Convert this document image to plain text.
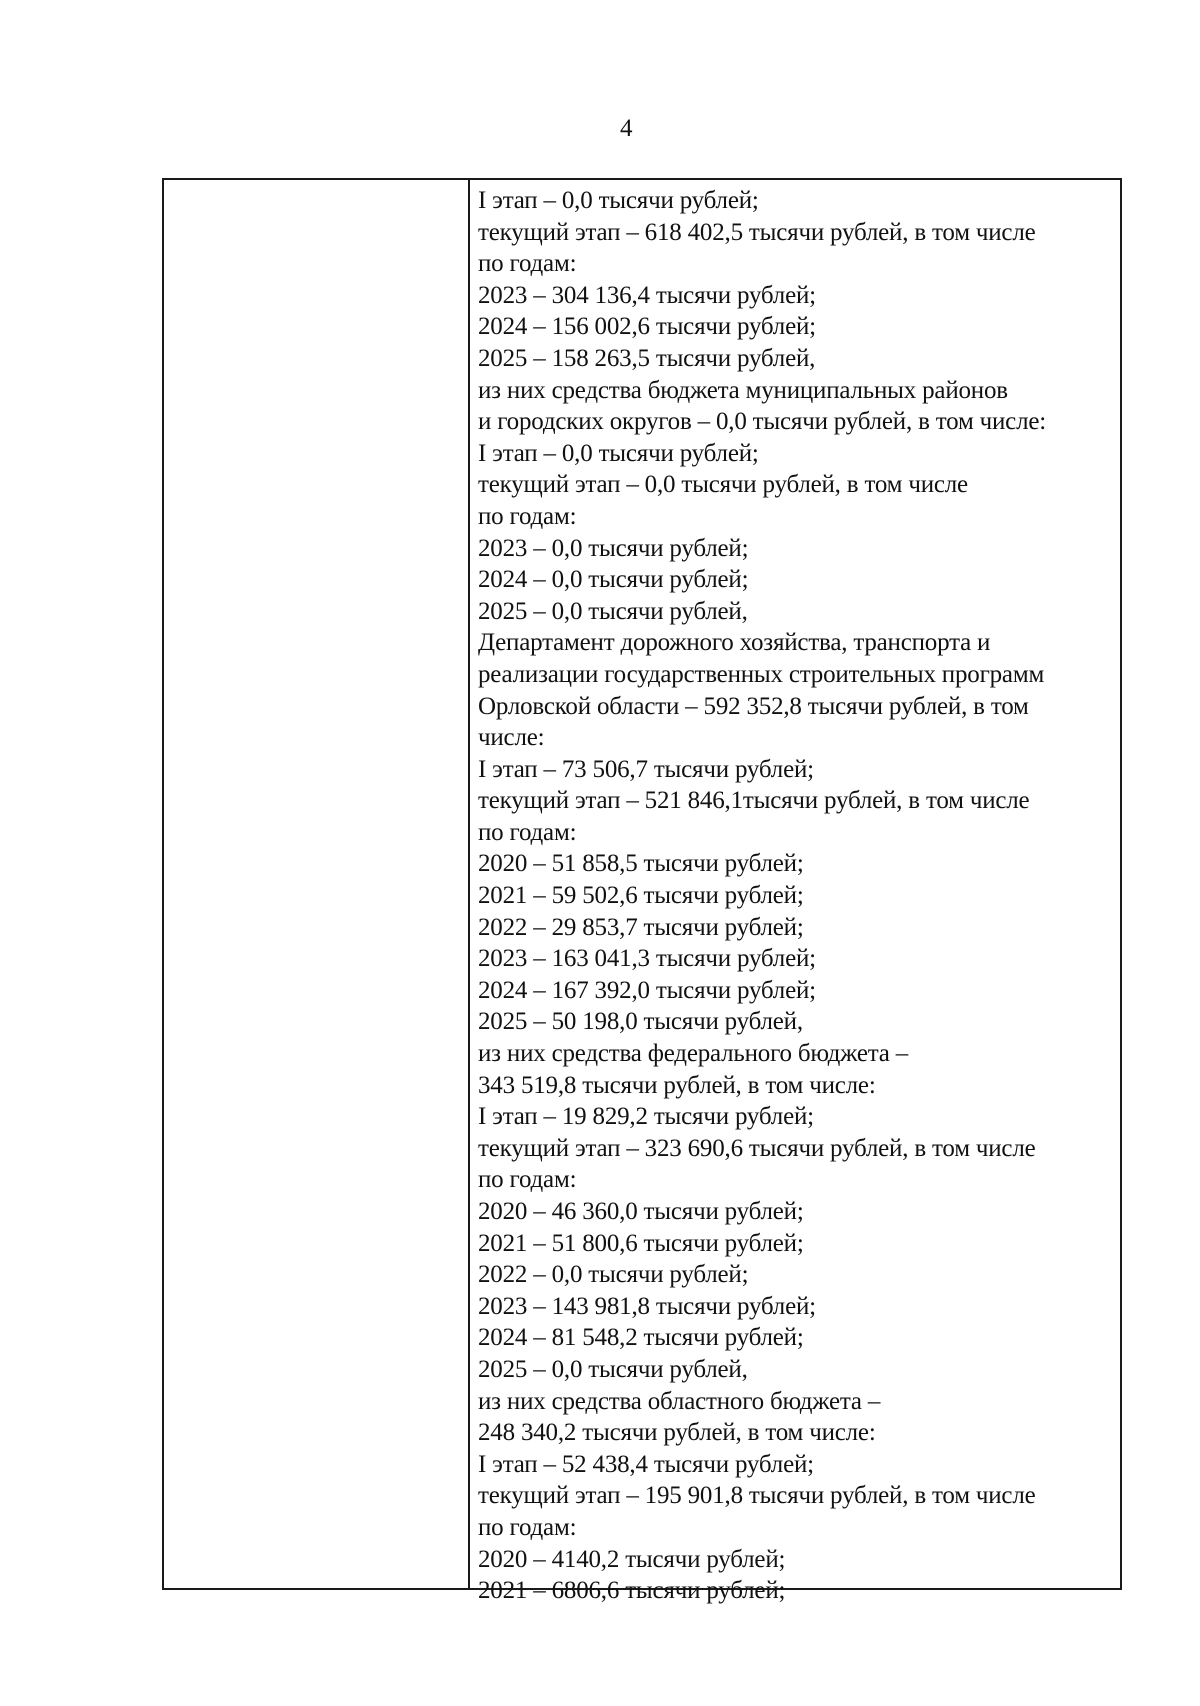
4
I этап – 0,0 тысячи рублей;
текущий этап – 618 402,5 тысячи рублей, в том числе
по годам:
2023 – 304 136,4 тысячи рублей;
2024 – 156 002,6 тысячи рублей;
2025 – 158 263,5 тысячи рублей,
из них средства бюджета муниципальных районов
и городских округов – 0,0 тысячи рублей, в том числе:
I этап – 0,0 тысячи рублей;
текущий этап – 0,0 тысячи рублей, в том числе
по годам:
2023 – 0,0 тысячи рублей;
2024 – 0,0 тысячи рублей;
2025 – 0,0 тысячи рублей,
Департамент дорожного хозяйства, транспорта и
реализации государственных строительных программ
Орловской области – 592 352,8 тысячи рублей, в том
числе:
I этап – 73 506,7 тысячи рублей;
текущий этап – 521 846,1тысячи рублей, в том числе
по годам:
2020 – 51 858,5 тысячи рублей;
2021 – 59 502,6 тысячи рублей;
2022 – 29 853,7 тысячи рублей;
2023 – 163 041,3 тысячи рублей;
2024 – 167 392,0 тысячи рублей;
2025 – 50 198,0 тысячи рублей,
из них средства федерального бюджета –
343 519,8 тысячи рублей, в том числе:
I этап – 19 829,2 тысячи рублей;
текущий этап – 323 690,6 тысячи рублей, в том числе
по годам:
2020 – 46 360,0 тысячи рублей;
2021 – 51 800,6 тысячи рублей;
2022 – 0,0 тысячи рублей;
2023 – 143 981,8 тысячи рублей;
2024 – 81 548,2 тысячи рублей;
2025 – 0,0 тысячи рублей,
из них средства областного бюджета –
248 340,2 тысячи рублей, в том числе:
I этап – 52 438,4 тысячи рублей;
текущий этап – 195 901,8 тысячи рублей, в том числе
по годам:
2020 – 4140,2 тысячи рублей;
2021 – 6806,6 тысячи рублей;
